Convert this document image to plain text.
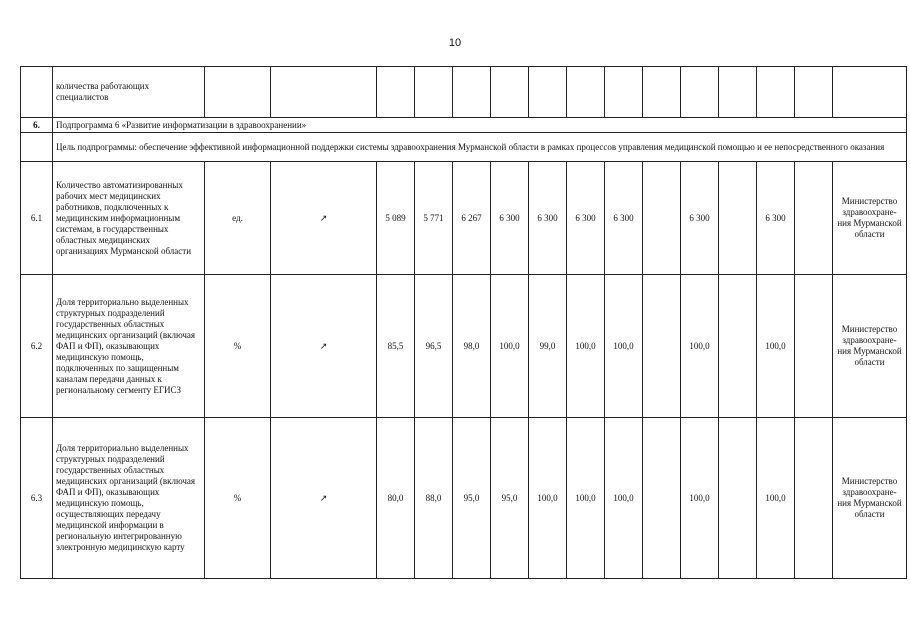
10
	количества работающих специалистов															
6.	Подпрограмма 6 «Развитие информатизации в здравоохранении»															
	Цель подпрограммы: обеспечение эффективной информационной поддержки системы здравоохранения Мурманской области в рамках процессов управления медицинской помощью и ее непосредственного оказания															
6.1	Количество автоматизированных рабочих мест медицинских работников, подключенных к медицинским информационным системам, в государственных областных медицинских организациях Мурманской области	ед.	↗	5 089	5 771	6 267	6 300	6 300	6 300	6 300		6 300		6 300		Министерство здравоохране-ния Мурманской области
6.2	Доля территориально выделенных структурных подразделений государственных областных медицинских организаций (включая ФАП и ФП), оказывающих медицинскую помощь, подключенных по защищенным каналам передачи данных к региональному сегменту ЕГИСЗ	%	↗	85,5	96,5	98,0	100,0	99,0	100,0	100,0		100,0		100,0		Министерство здравоохране-ния Мурманской области
6.3	Доля территориально выделенных структурных подразделений государственных областных медицинских организаций (включая ФАП и ФП), оказывающих медицинскую помощь, осуществляющих передачу медицинской информации в региональную интегрированную электронную медицинскую карту	%	↗	80,0	88,0	95,0	95,0	100,0	100,0	100,0		100,0		100,0		Министерство здравоохране-ния Мурманской области
